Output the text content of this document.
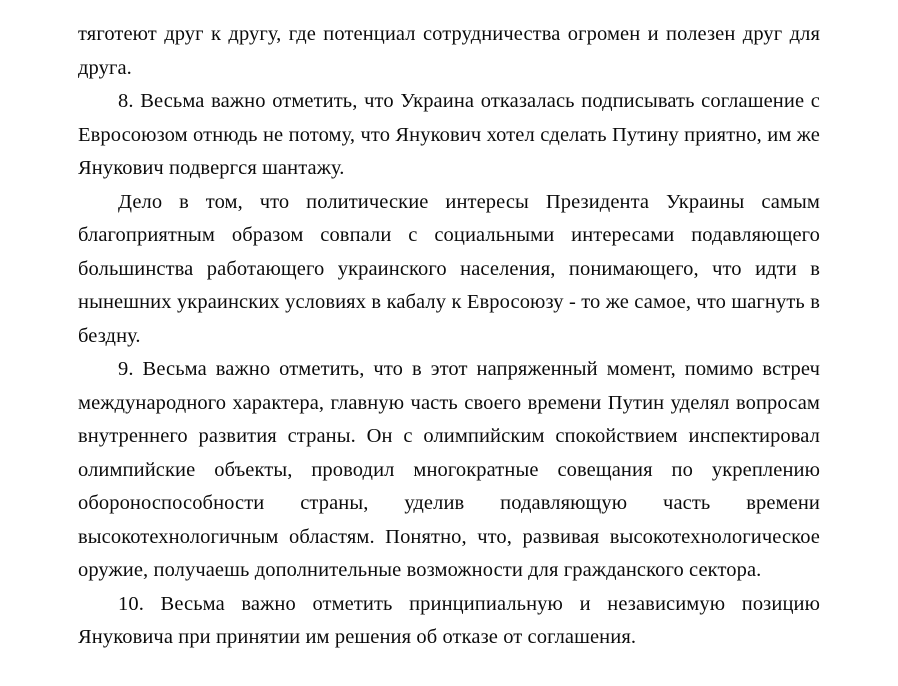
тяготеют друг к другу, где потенциал сотрудничества огромен и полезен друг для друга.

8. Весьма важно отметить, что Украина отказалась подписывать соглашение с Евросоюзом отнюдь не потому, что Янукович хотел сделать Путину приятно, им же Янукович подвергся шантажу.

Дело в том, что политические интересы Президента Украины самым благоприятным образом совпали с социальными интересами подавляющего большинства работающего украинского населения, понимающего, что идти в нынешних украинских условиях в кабалу к Евросоюзу - то же самое, что шагнуть в бездну.

9. Весьма важно отметить, что в этот напряженный момент, помимо встреч международного характера, главную часть своего времени Путин уделял вопросам внутреннего развития страны. Он с олимпийским спокойствием инспектировал олимпийские объекты, проводил многократные совещания по укреплению обороноспособности страны, уделив подавляющую часть времени высокотехнологичным областям. Понятно, что, развивая высокотехнологическое оружие, получаешь дополнительные возможности для гражданского сектора.

10. Весьма важно отметить принципиальную и независимую позицию Януковича при принятии им решения об отказе от соглашения.
